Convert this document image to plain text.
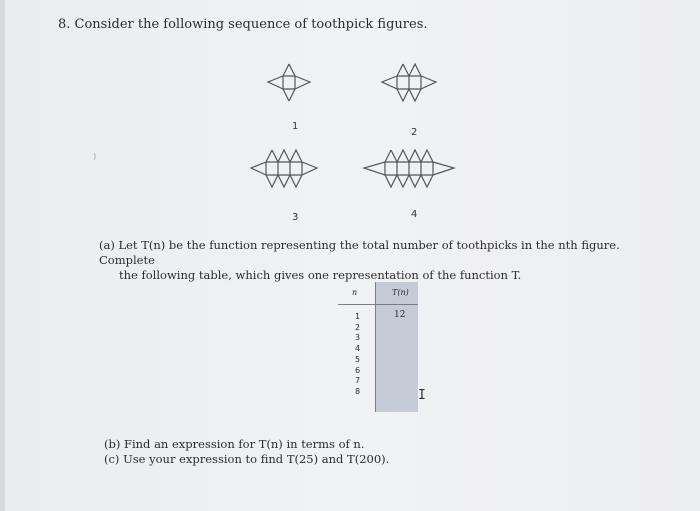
8. Consider the following sequence of toothpick figures.
)
1
2
3	4
(a) Let T(n) be the function representing the total number of toothpicks in the nth figure. Complete
the following table, which gives one representation of the function T.
n	T(n)
1
2
3
4
5
6
7
8
12
I
(b) Find an expression for T(n) in terms of n.
(c) Use your expression to find T(25) and T(200).
